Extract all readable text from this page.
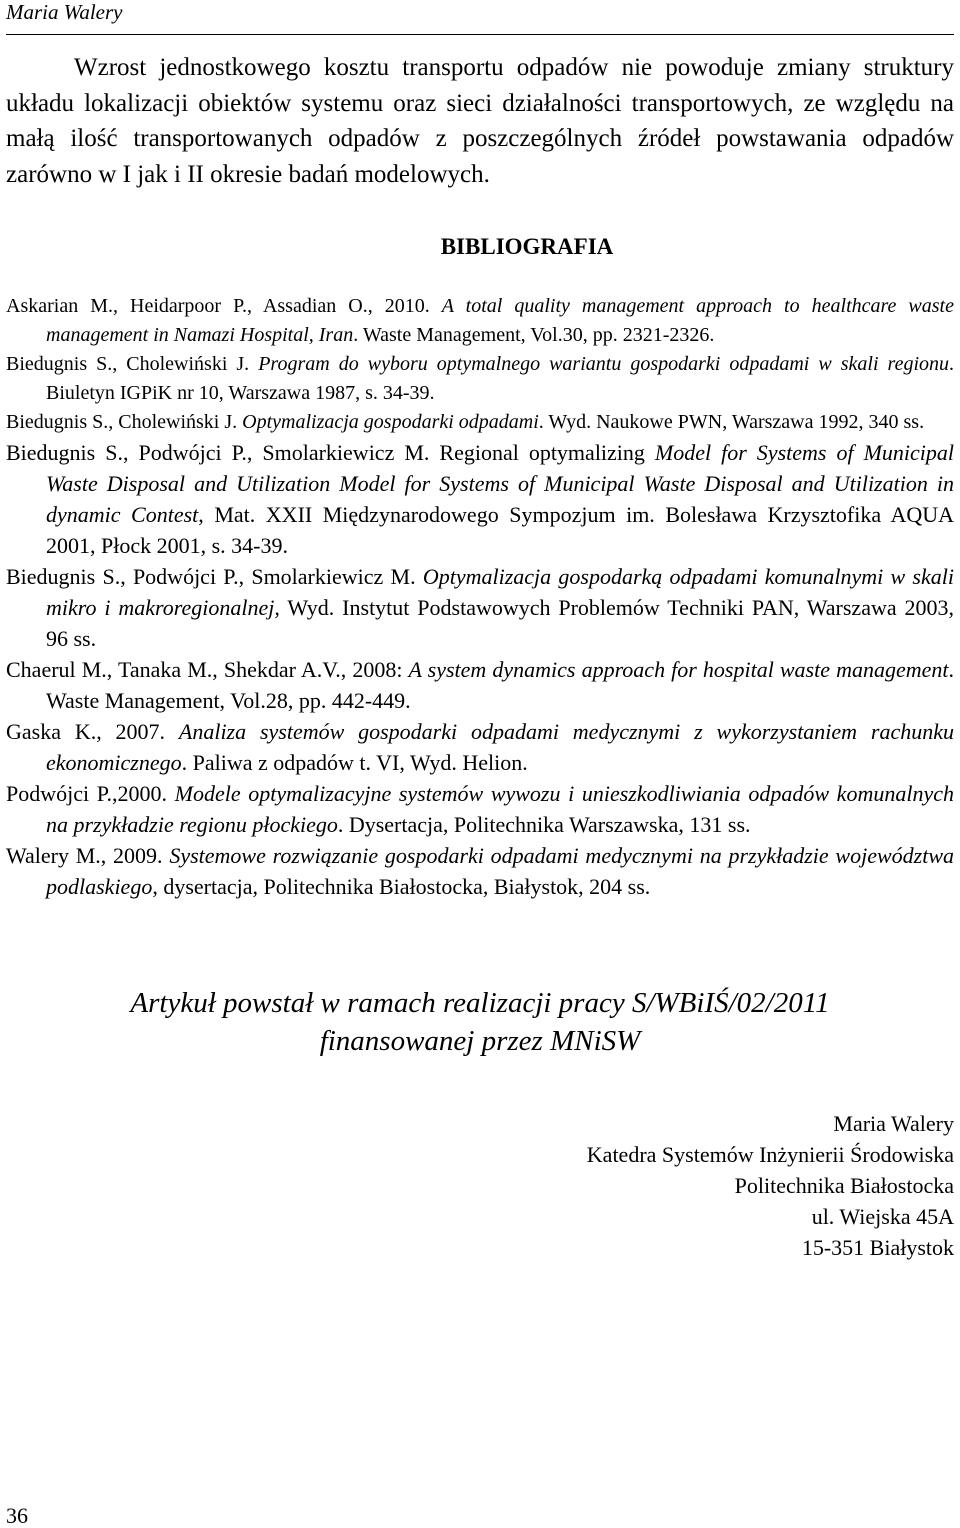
Maria Walery

Wzrost jednostkowego kosztu transportu odpadów nie powoduje zmiany struktury układu lokalizacji obiektów systemu oraz sieci działalności transportowych, ze względu na małą ilość transportowanych odpadów z poszczególnych źródeł powstawania odpadów zarówno w I jak i II okresie badań modelowych.

BIBLIOGRAFIA

Askarian M., Heidarpoor P., Assadian O., 2010. A total quality management approach to healthcare waste management in Namazi Hospital, Iran. Waste Management, Vol.30, pp. 2321-2326.

Biedugnis S., Cholewiński J. Program do wyboru optymalnego wariantu gospodarki odpadami w skali regionu. Biuletyn IGPiK nr 10, Warszawa 1987, s. 34-39.

Biedugnis S., Cholewiński J. Optymalizacja gospodarki odpadami. Wyd. Naukowe PWN, Warszawa 1992, 340 ss.

Biedugnis S., Podwójci P., Smolarkiewicz M. Regional optymalizing Model for Systems of Municipal Waste Disposal and Utilization Model for Systems of Municipal Waste Disposal and Utilization in dynamic Contest, Mat. XXII Międzynarodowego Sympozjum im. Bolesława Krzysztofika AQUA 2001, Płock 2001, s. 34-39.

Biedugnis S., Podwójci P., Smolarkiewicz M. Optymalizacja gospodarką odpadami komunalnymi w skali mikro i makroregionalnej, Wyd. Instytut Podstawowych Problemów Techniki PAN, Warszawa 2003, 96 ss.

Chaerul M., Tanaka M., Shekdar A.V., 2008: A system dynamics approach for hospital waste management. Waste Management, Vol.28, pp. 442-449.

Gaska K., 2007. Analiza systemów gospodarki odpadami medycznymi z wykorzystaniem rachunku ekonomicznego. Paliwa z odpadów t. VI, Wyd. Helion.

Podwójci P.,2000. Modele optymalizacyjne systemów wywozu i unieszkodliwiania odpadów komunalnych na przykładzie regionu płockiego. Dysertacja, Politechnika Warszawska, 131 ss.

Walery M., 2009. Systemowe rozwiązanie gospodarki odpadami medycznymi na przykładzie województwa podlaskiego, dysertacja, Politechnika Białostocka, Białystok, 204 ss.

Artykuł powstał w ramach realizacji pracy S/WBiIŚ/02/2011
finansowanej przez MNiSW
Maria Walery
Katedra Systemów Inżynierii Środowiska
Politechnika Białostocka
ul. Wiejska 45A
15-351 Białystok
36
